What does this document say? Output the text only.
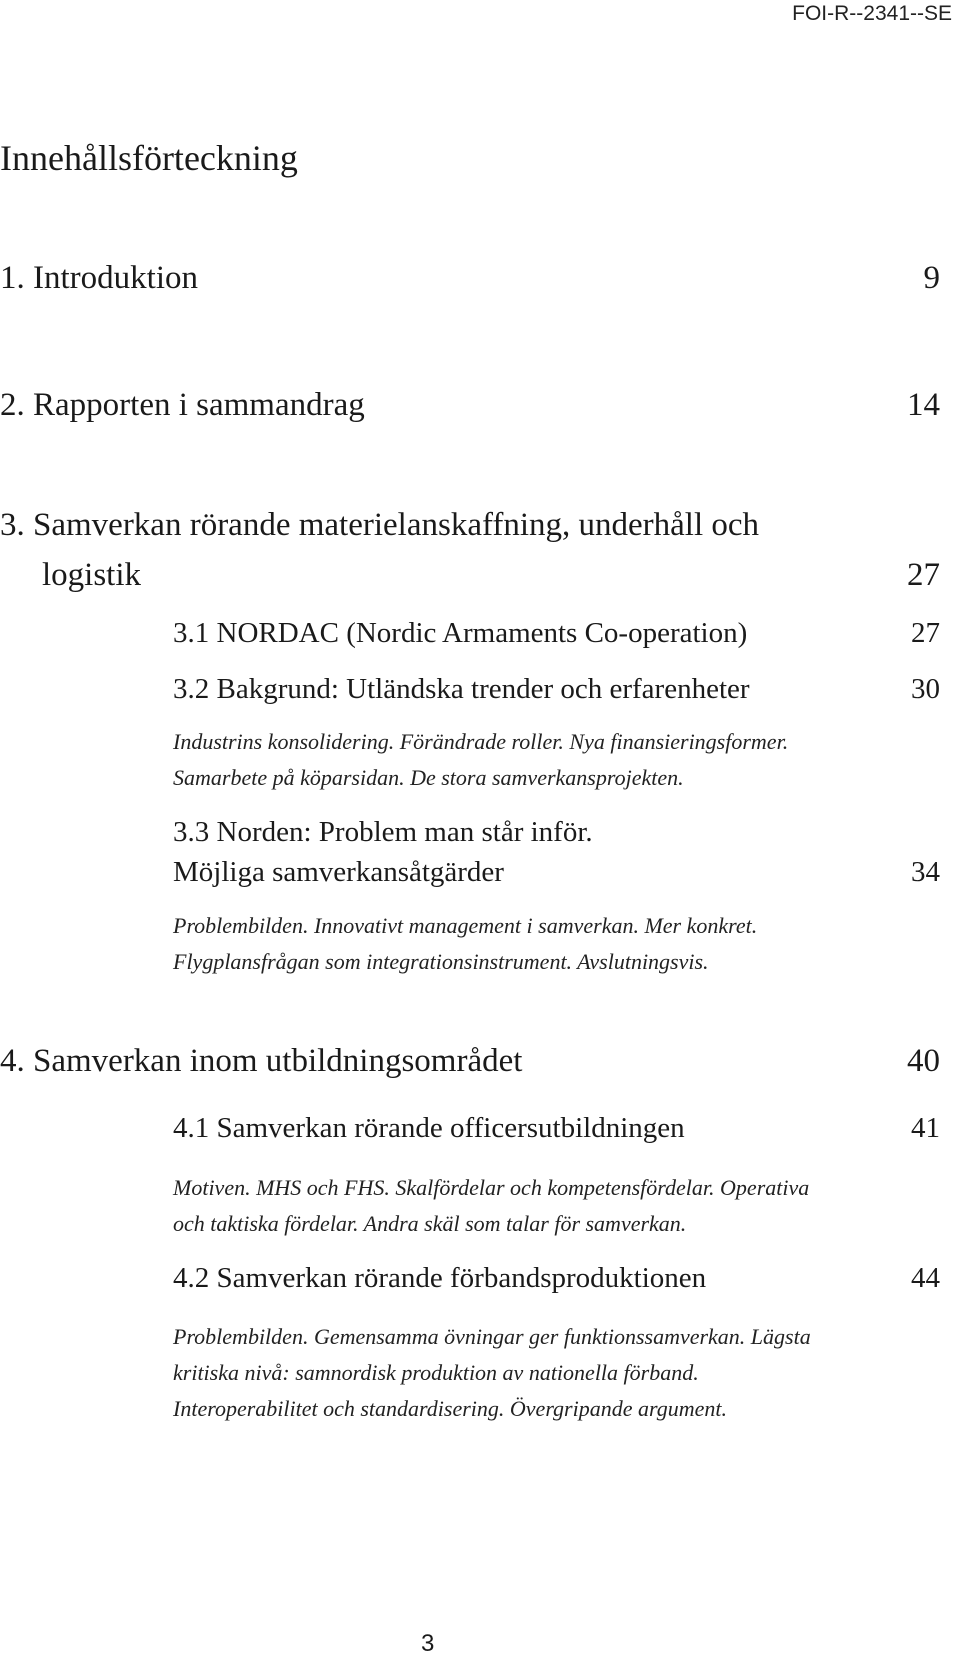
FOI-R--2341--SE
Innehållsförteckning
1. Introduktion	9
2. Rapporten i sammandrag	14
3. Samverkan rörande materielanskaffning, underhåll och
logistik	27
3.1 NORDAC (Nordic Armaments Co-operation)	27
3.2 Bakgrund: Utländska trender och erfarenheter	30
Industrins konsolidering. Förändrade roller. Nya finansieringsformer.
Samarbete på köparsidan. De stora samverkansprojekten.
3.3 Norden: Problem man står inför.
Möjliga samverkansåtgärder	34
Problembilden. Innovativt management i samverkan. Mer konkret.
Flygplansfrågan som integrationsinstrument. Avslutningsvis.
4. Samverkan inom utbildningsområdet	40
4.1 Samverkan rörande officersutbildningen	41
Motiven. MHS och FHS. Skalfördelar och kompetensfördelar. Operativa
och taktiska fördelar. Andra skäl som talar för samverkan.
4.2 Samverkan rörande förbandsproduktionen	44
Problembilden. Gemensamma övningar ger funktionssamverkan. Lägsta
kritiska nivå: samnordisk produktion av nationella förband.
Interoperabilitet och standardisering. Övergripande argument.
3
